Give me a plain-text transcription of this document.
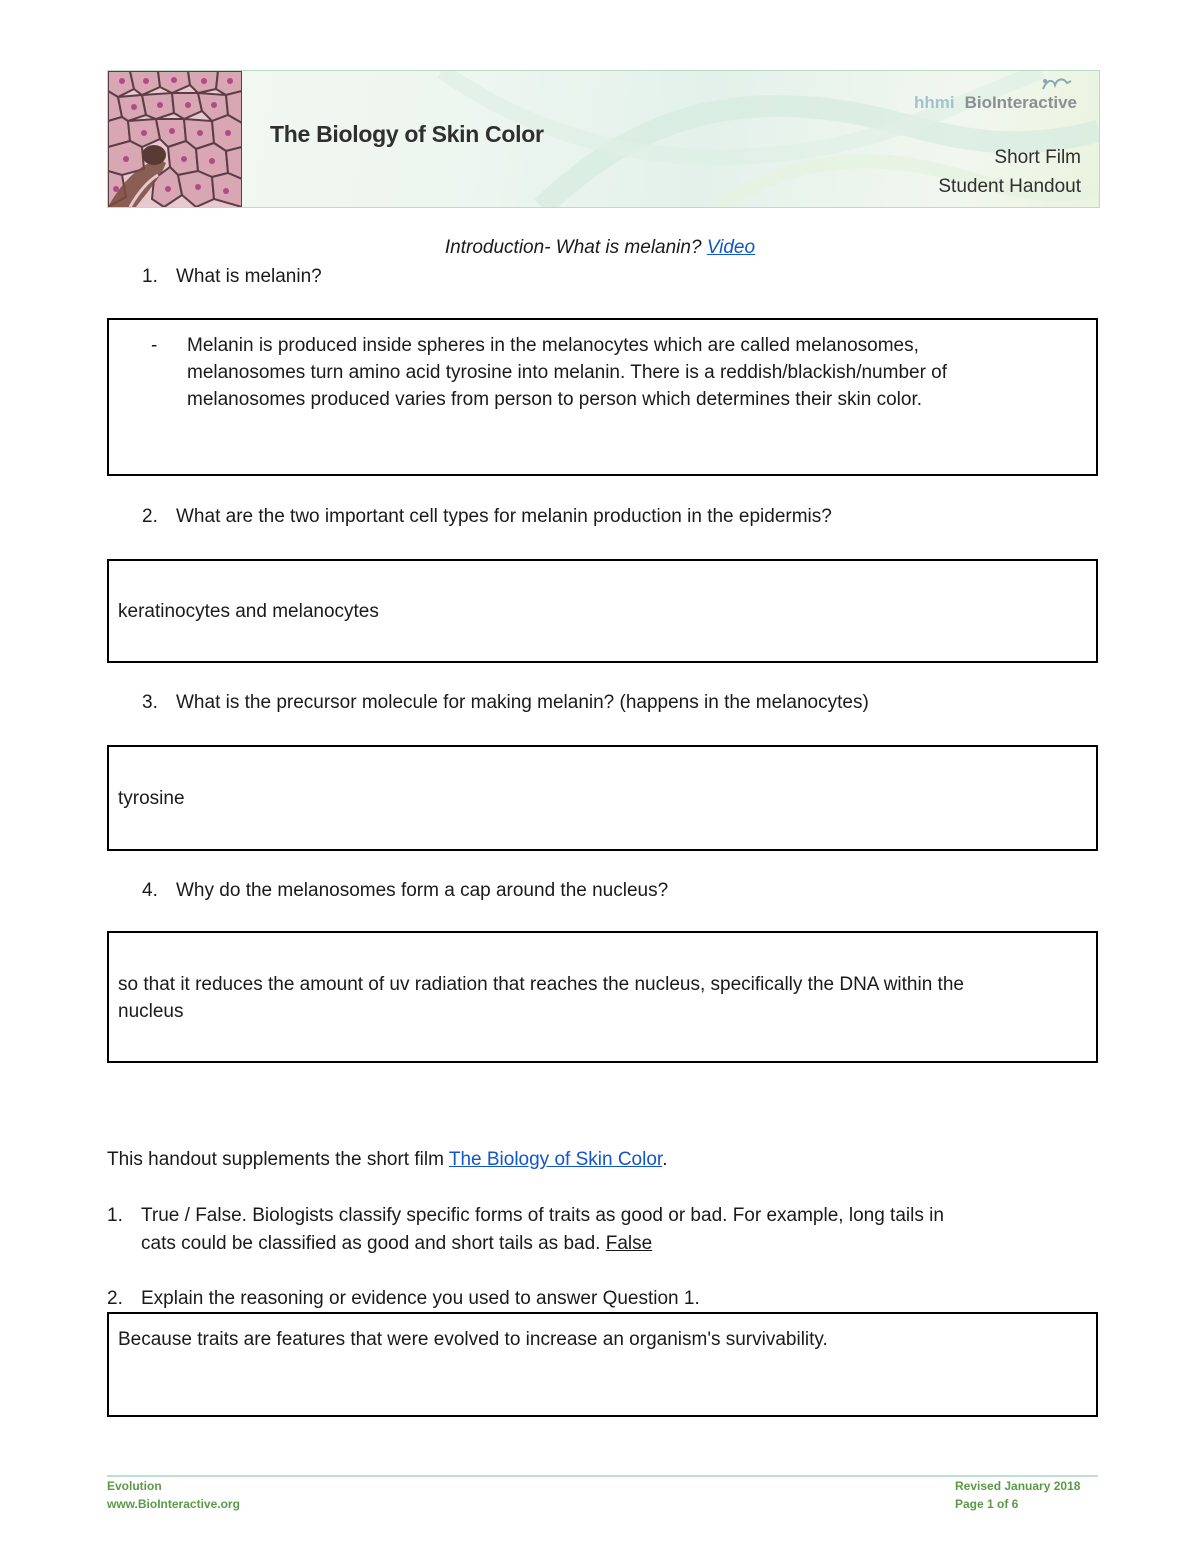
The Biology of Skin Color
hhmi BioInteractive
Short Film
Student Handout
Introduction- What is melanin? Video
1. What is melanin?
- Melanin is produced inside spheres in the melanocytes which are called melanosomes,
melanosomes turn amino acid tyrosine into melanin. There is a reddish/blackish/number of
melanosomes produced varies from person to person which determines their skin color.
2. What are the two important cell types for melanin production in the epidermis?
keratinocytes and melanocytes
3. What is the precursor molecule for making melanin? (happens in the melanocytes)
tyrosine
4. Why do the melanosomes form a cap around the nucleus?
so that it reduces the amount of uv radiation that reaches the nucleus, specifically the DNA within the
nucleus
This handout supplements the short film The Biology of Skin Color.
1. True / False. Biologists classify specific forms of traits as good or bad. For example, long tails in
cats could be classified as good and short tails as bad. False
2. Explain the reasoning or evidence you used to answer Question 1.
Because traits are features that were evolved to increase an organism's survivability.
Evolution
www.BioInteractive.org
Revised January 2018
Page 1 of 6
